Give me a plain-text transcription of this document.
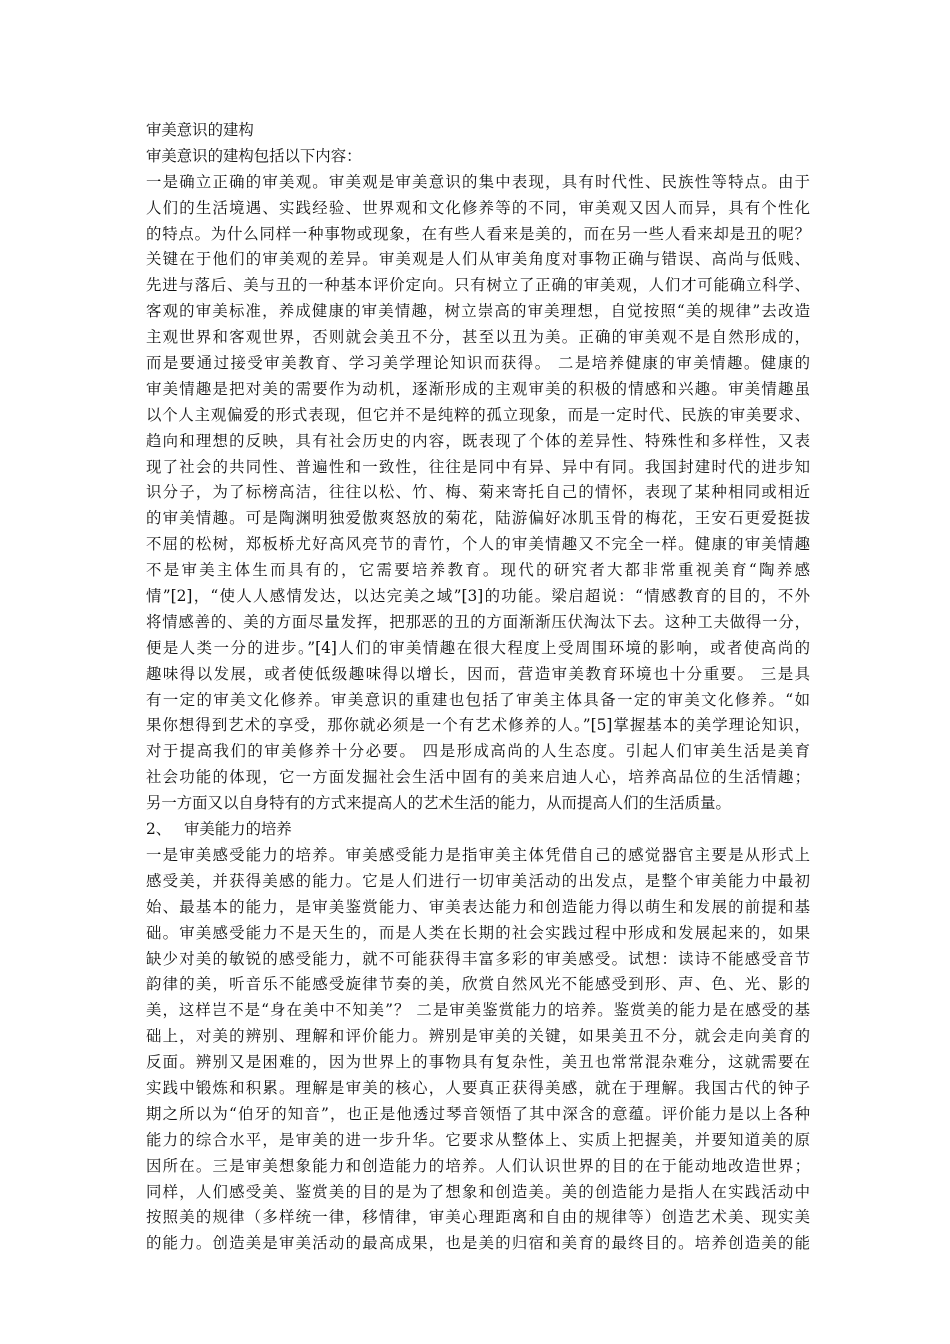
审美意识的建构
审美意识的建构包括以下内容：
一是确立正确的审美观。审美观是审美意识的集中表现，具有时代性、民族性等特点。由于
人们的生活境遇、实践经验、世界观和文化修养等的不同，审美观又因人而异，具有个性化
的特点。为什么同样一种事物或现象，在有些人看来是美的，而在另一些人看来却是丑的呢？
关键在于他们的审美观的差异。审美观是人们从审美角度对事物正确与错误、高尚与低贱、
先进与落后、美与丑的一种基本评价定向。只有树立了正确的审美观，人们才可能确立科学、
客观的审美标准，养成健康的审美情趣，树立崇高的审美理想，自觉按照“美的规律”去改造
主观世界和客观世界，否则就会美丑不分，甚至以丑为美。正确的审美观不是自然形成的，
而是要通过接受审美教育、学习美学理论知识而获得。 二是培养健康的审美情趣。健康的
审美情趣是把对美的需要作为动机，逐渐形成的主观审美的积极的情感和兴趣。审美情趣虽
以个人主观偏爱的形式表现，但它并不是纯粹的孤立现象，而是一定时代、民族的审美要求、
趋向和理想的反映，具有社会历史的内容，既表现了个体的差异性、特殊性和多样性，又表
现了社会的共同性、普遍性和一致性，往往是同中有异、异中有同。我国封建时代的进步知
识分子，为了标榜高洁，往往以松、竹、梅、菊来寄托自己的情怀，表现了某种相同或相近
的审美情趣。可是陶渊明独爱傲爽怒放的菊花，陆游偏好冰肌玉骨的梅花，王安石更爱挺拔
不屈的松树，郑板桥尤好高风亮节的青竹，个人的审美情趣又不完全一样。健康的审美情趣
不是审美主体生而具有的，它需要培养教育。现代的研究者大都非常重视美育“陶养感
情”[2]，“使人人感情发达，以达完美之域”[3]的功能。梁启超说：“情感教育的目的，不外
将情感善的、美的方面尽量发挥，把那恶的丑的方面渐渐压伏淘汰下去。这种工夫做得一分，
便是人类一分的进步。”[4]人们的审美情趣在很大程度上受周围环境的影响，或者使高尚的
趣味得以发展，或者使低级趣味得以增长，因而，营造审美教育环境也十分重要。 三是具
有一定的审美文化修养。审美意识的重建也包括了审美主体具备一定的审美文化修养。“如
果你想得到艺术的享受，那你就必须是一个有艺术修养的人。”[5]掌握基本的美学理论知识，
对于提高我们的审美修养十分必要。 四是形成高尚的人生态度。引起人们审美生活是美育
社会功能的体现，它一方面发掘社会生活中固有的美来启迪人心，培养高品位的生活情趣；
另一方面又以自身特有的方式来提高人的艺术生活的能力，从而提高人们的生活质量。
2、 审美能力的培养
一是审美感受能力的培养。审美感受能力是指审美主体凭借自己的感觉器官主要是从形式上
感受美，并获得美感的能力。它是人们进行一切审美活动的出发点，是整个审美能力中最初
始、最基本的能力，是审美鉴赏能力、审美表达能力和创造能力得以萌生和发展的前提和基
础。审美感受能力不是天生的，而是人类在长期的社会实践过程中形成和发展起来的，如果
缺少对美的敏锐的感受能力，就不可能获得丰富多彩的审美感受。试想：读诗不能感受音节
韵律的美，听音乐不能感受旋律节奏的美，欣赏自然风光不能感受到形、声、色、光、影的
美，这样岂不是“身在美中不知美”？ 二是审美鉴赏能力的培养。鉴赏美的能力是在感受的基
础上，对美的辨别、理解和评价能力。辨别是审美的关键，如果美丑不分，就会走向美育的
反面。辨别又是困难的，因为世界上的事物具有复杂性，美丑也常常混杂难分，这就需要在
实践中锻炼和积累。理解是审美的核心，人要真正获得美感，就在于理解。我国古代的钟子
期之所以为“伯牙的知音”，也正是他透过琴音领悟了其中深含的意蕴。评价能力是以上各种
能力的综合水平，是审美的进一步升华。它要求从整体上、实质上把握美，并要知道美的原
因所在。三是审美想象能力和创造能力的培养。人们认识世界的目的在于能动地改造世界；
同样，人们感受美、鉴赏美的目的是为了想象和创造美。美的创造能力是指人在实践活动中
按照美的规律（多样统一律，移情律，审美心理距离和自由的规律等）创造艺术美、现实美
的能力。创造美是审美活动的最高成果，也是美的归宿和美育的最终目的。培养创造美的能
